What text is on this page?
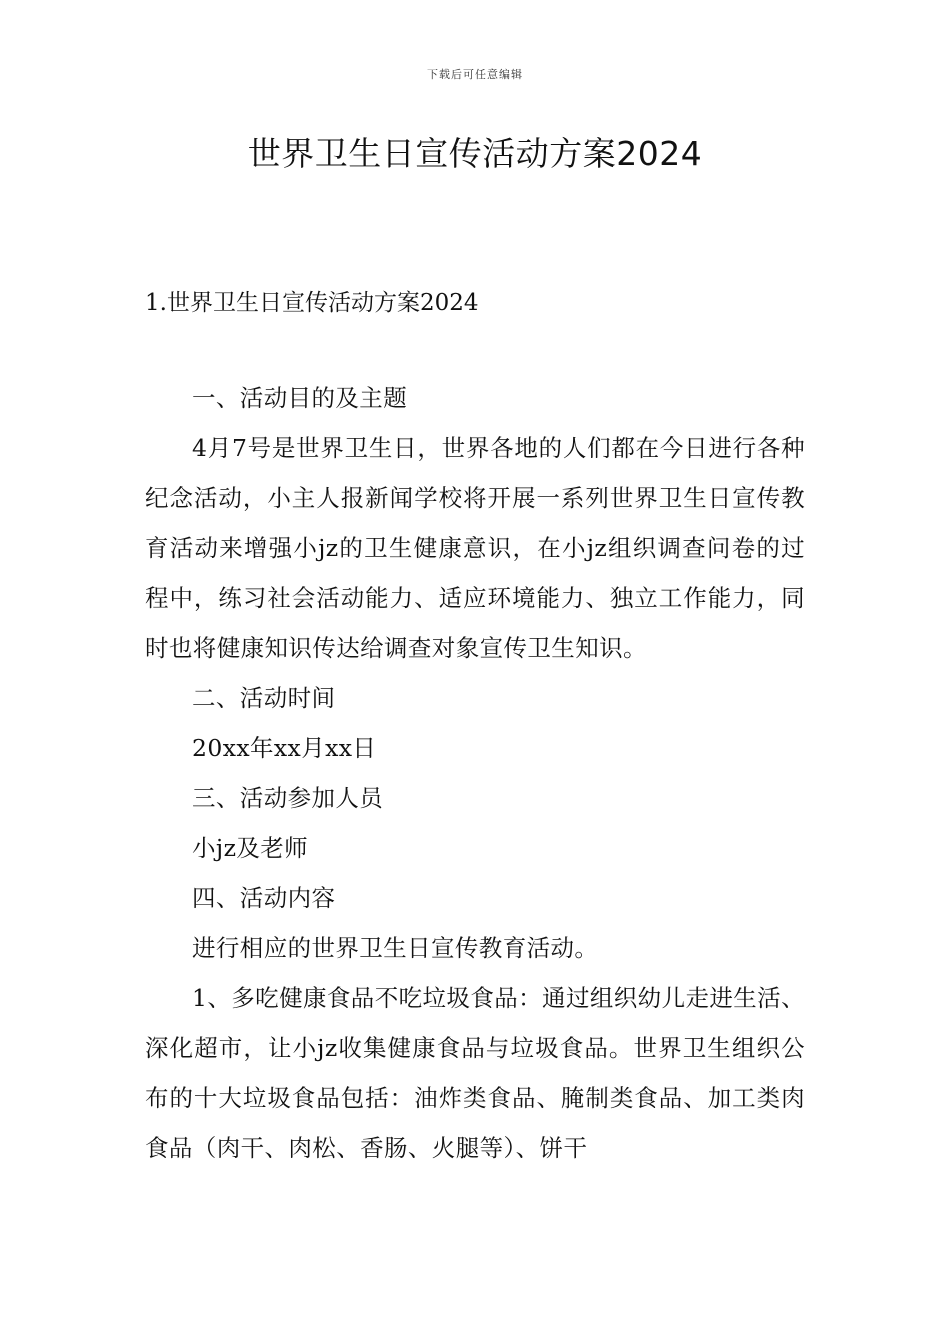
下载后可任意编辑
世界卫生日宣传活动方案2024
1.世界卫生日宣传活动方案2024

一、活动目的及主题

4月7号是世界卫生日，世界各地的人们都在今日进行各种纪念活动，小主人报新闻学校将开展一系列世界卫生日宣传教育活动来增强小jz的卫生健康意识，在小jz组织调查问卷的过程中，练习社会活动能力、适应环境能力、独立工作能力，同时也将健康知识传达给调查对象宣传卫生知识。

二、活动时间

20xx年xx月xx日

三、活动参加人员

小jz及老师

四、活动内容

进行相应的世界卫生日宣传教育活动。

1、多吃健康食品不吃垃圾食品：通过组织幼儿走进生活、深化超市，让小jz收集健康食品与垃圾食品。世界卫生组织公布的十大垃圾食品包括：油炸类食品、腌制类食品、加工类肉食品（肉干、肉松、香肠、火腿等）、饼干
